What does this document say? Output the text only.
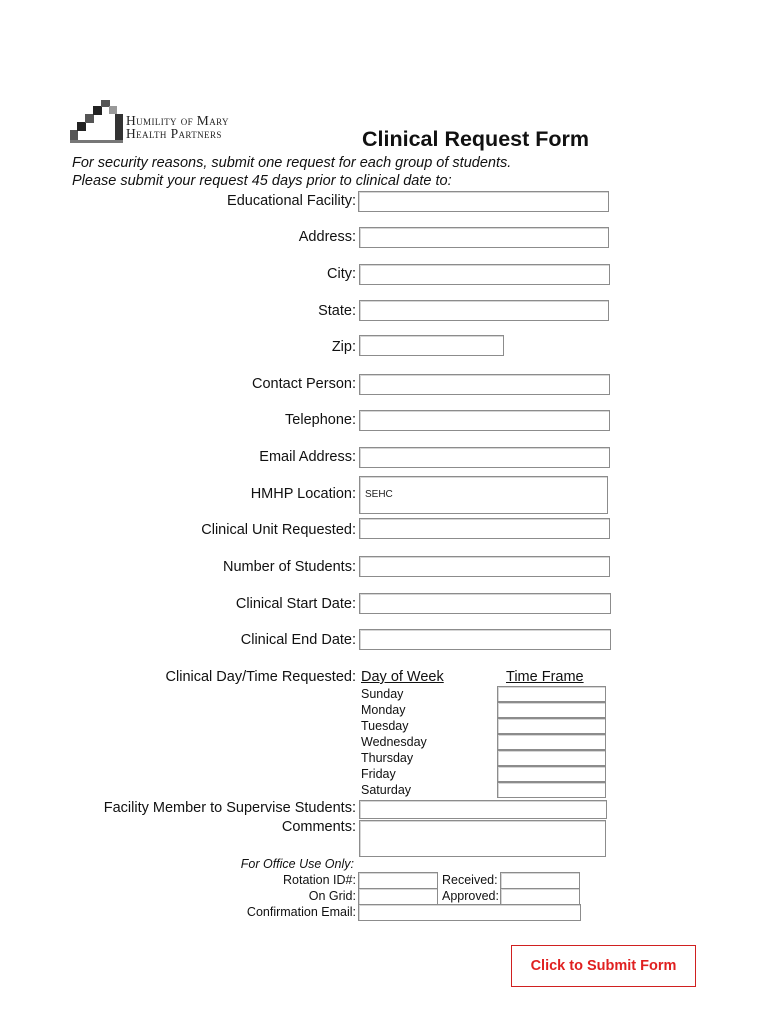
Humility of Mary
Health Partners	Clinical Request Form
For security reasons, submit one request for each group of students.
Please submit your request 45 days prior to clinical date to:
Educational Facility:
Address:
City:
State:
Zip:
Contact Person:
Telephone:
Email Address:
HMHP Location: SEHC
Clinical Unit Requested:
Number of Students:
Clinical Start Date:
Clinical End Date:
Clinical Day/Time Requested: Day of Week	Time Frame
Sunday
Monday
Tuesday
Wednesday
Thursday
Friday
Saturday
Facility Member to Supervise Students:
Comments:
For Office Use Only:
Rotation ID#:
On Grid:
Confirmation Email:
Received:
Approved:
Click to Submit Form
